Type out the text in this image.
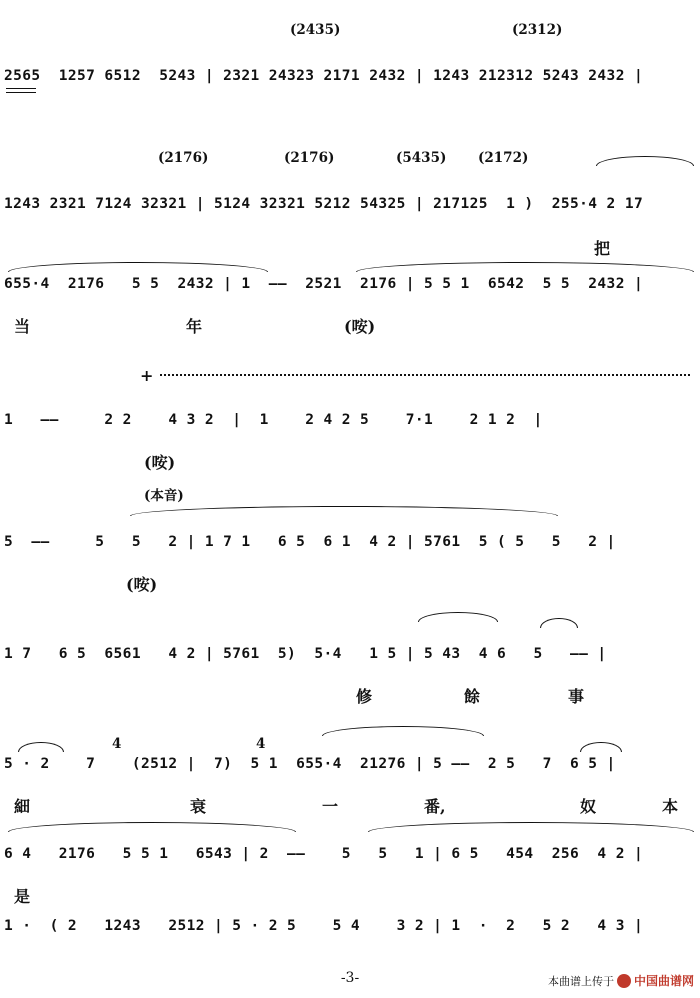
(2435)	(2312)
2565  1257 6512  5243 | 2321 24323 2171 2432 | 1243 212312 5243 2432 |
(2176)	(2176)	(5435) (2172)
1243 2321 7124 32321 | 5124 32321 5212 54325 | 217125  1 )  255·4 2 17
把
655·4  2176   5 5  2432 | 1  ——  2521  2176 | 5 5 1  6542  5 5  2432 |
当	年	(咹)
+
1   ——     2 2    4 3 2  |  1    2 4 2 5    7·1    2 1 2  |
(咹)
(本音)
5  ——     5   5   2 | 1 7 1   6 5  6 1  4 2 | 5761  5 ( 5   5   2 |
(咹)
1 7   6 5  6561   4 2 | 5761  5)  5·4   1 5 | 5 43  4 6   5   —— |
修	餘	事
4	4
5 · 2    7    (2512 |  7)  5 1  655·4  21276 | 5 ——  2 5   7  6 5 |
細	衰	一	番,	奴	本
6 4   2176   5 5 1   6543 | 2  ——    5   5   1 | 6 5   454  256  4 2 |
是
1 ·  ( 2   1243   2512 | 5 · 2 5    5 4    3 2 | 1  ·  2   5 2   4 3 |
-3-	本曲谱上传于 中国曲谱网
